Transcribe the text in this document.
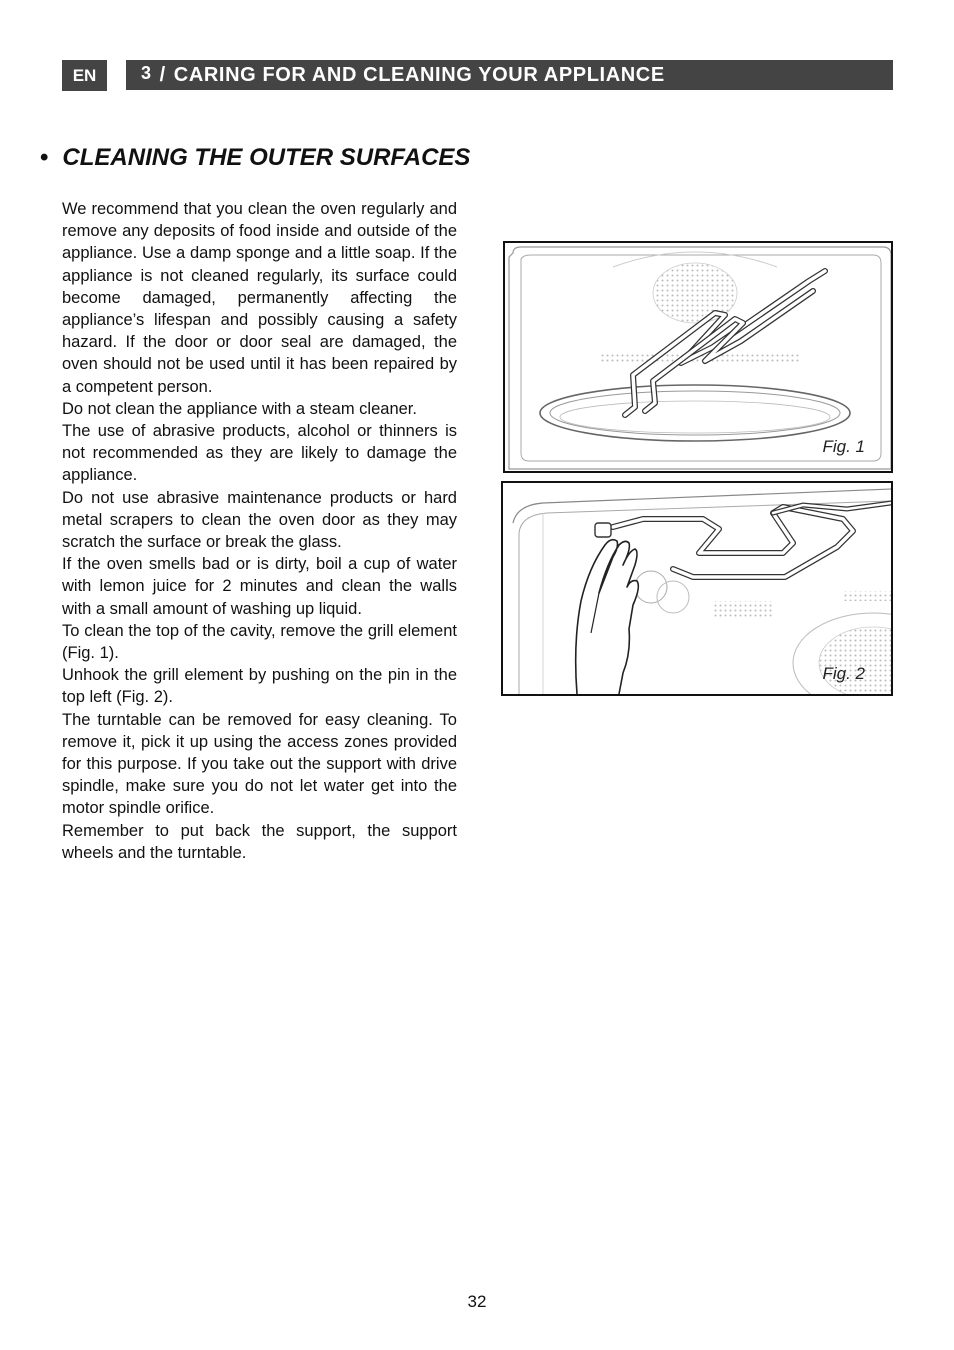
EN	3 / CARING FOR AND CLEANING YOUR APPLIANCE
• CLEANING THE OUTER SURFACES

We recommend that you clean the oven regularly and remove any deposits of food inside and outside of the appliance. Use a damp sponge and a little soap. If the appliance is not cleaned regularly, its surface could become damaged, permanently affecting the appliance’s lifespan and possibly causing a safety hazard. If the door or door seal are damaged, the oven should not be used until it has been repaired by a competent person.

Do not clean the appliance with a steam cleaner.

The use of abrasive products, alcohol or thinners is not recommended as they are likely to damage the appliance.

Do not use abrasive maintenance products or hard metal scrapers to clean the oven door as they may scratch the surface or break the glass.

If the oven smells bad or is dirty, boil a cup of water with lemon juice for 2 minutes and clean the walls with a small amount of washing up liquid.

To clean the top of the cavity, remove the grill element (Fig. 1).

Unhook the grill element by pushing on the pin in the top left (Fig. 2).

The turntable can be removed for easy cleaning. To remove it, pick it up using the access zones provided for this purpose. If you take out the support with drive spindle, make sure you do not let water get into the motor spindle orifice.

Remember to put back the support, the support wheels and the turntable.

Fig. 1
Fig. 2
32
